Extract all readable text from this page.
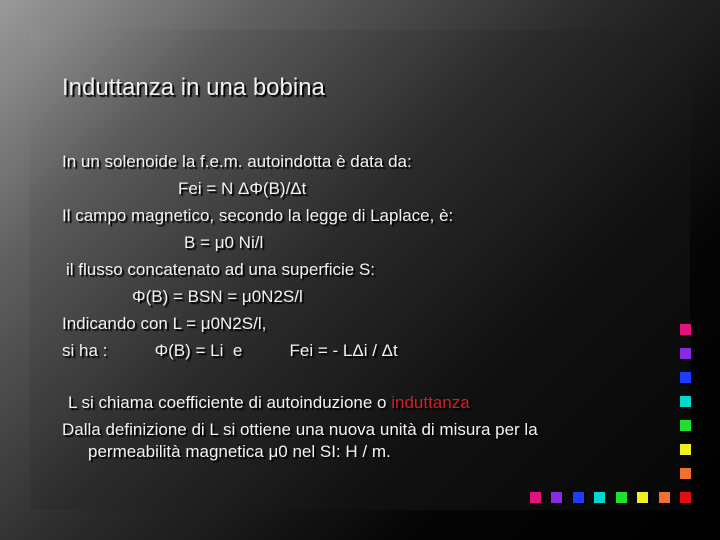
Induttanza in una bobina
In un solenoide la f.e.m. autoindotta è data da:
Fei = N ΔΦ(B)/Δt
Il campo magnetico, secondo la legge di Laplace, è:
B = μ0 Ni/l
il flusso concatenato ad una superficie S:
Φ(B) = BSN = μ0N2S/l
Indicando con L = μ0N2S/l,
si ha :          Φ(B) = Li  e          Fei = - LΔi / Δt
L si chiama coefficiente di autoinduzione o induttanza
Dalla definizione di L si ottiene una nuova unità di misura per la
permeabilità magnetica μ0 nel SI: H / m.
